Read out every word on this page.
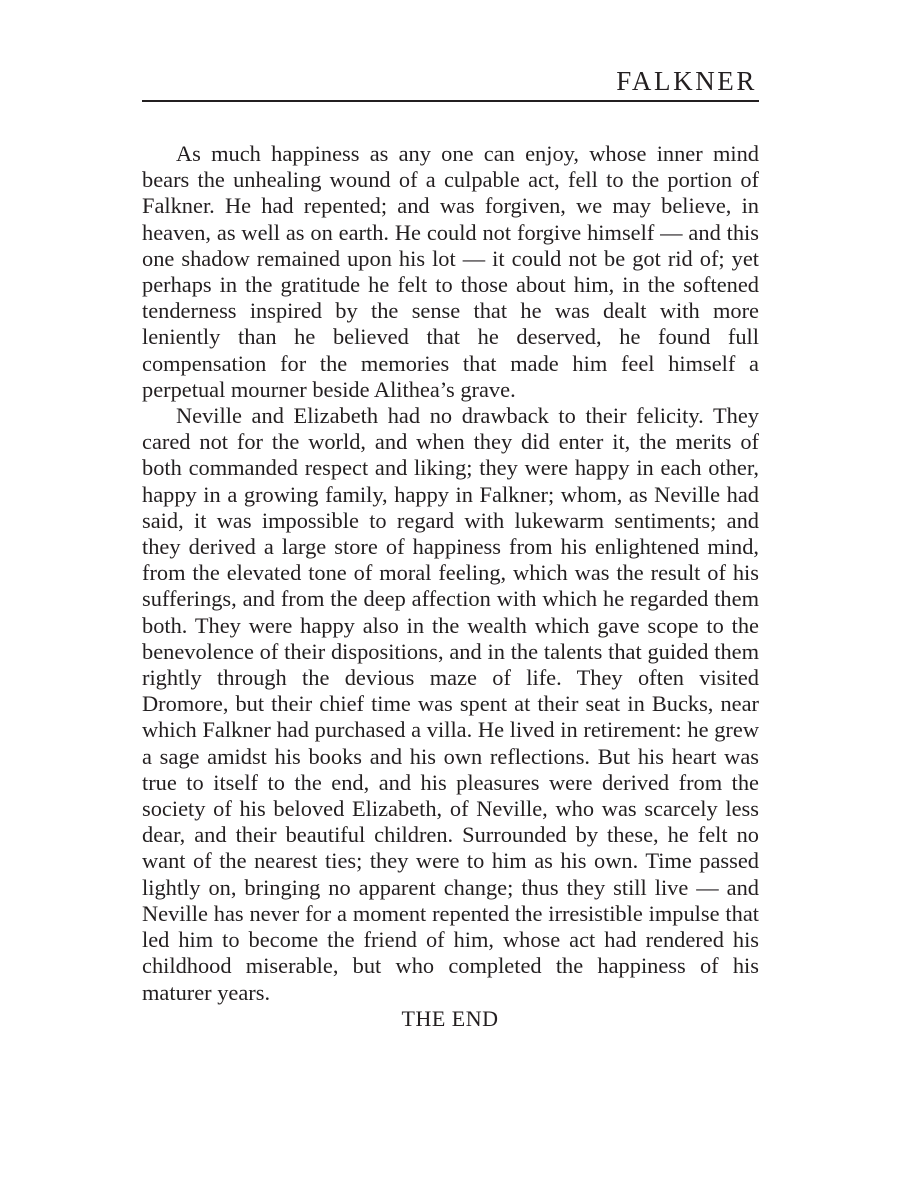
FALKNER

As much happiness as any one can enjoy, whose inner mind bears the unhealing wound of a culpable act, fell to the portion of Falkner. He had repented; and was forgiven, we may believe, in heaven, as well as on earth. He could not forgive himself — and this one shadow remained upon his lot — it could not be got rid of; yet perhaps in the gratitude he felt to those about him, in the softened tenderness inspired by the sense that he was dealt with more leniently than he believed that he deserved, he found full compensation for the memories that made him feel himself a perpetual mourner beside Alithea’s grave.

Neville and Elizabeth had no drawback to their felicity. They cared not for the world, and when they did enter it, the merits of both commanded respect and liking; they were happy in each other, happy in a growing family, happy in Falkner; whom, as Neville had said, it was impossible to regard with lukewarm sentiments; and they derived a large store of happiness from his enlightened mind, from the elevated tone of moral feeling, which was the result of his sufferings, and from the deep affection with which he regarded them both. They were happy also in the wealth which gave scope to the benevolence of their dispositions, and in the talents that guided them rightly through the devious maze of life. They often visited Dromore, but their chief time was spent at their seat in Bucks, near which Falkner had purchased a villa. He lived in retirement: he grew a sage amidst his books and his own reflections. But his heart was true to itself to the end, and his pleasures were derived from the society of his beloved Elizabeth, of Neville, who was scarcely less dear, and their beautiful children. Surrounded by these, he felt no want of the nearest ties; they were to him as his own. Time passed lightly on, bringing no apparent change; thus they still live — and Neville has never for a moment repented the irresistible impulse that led him to become the friend of him, whose act had rendered his childhood miserable, but who completed the happiness of his maturer years.

THE END
